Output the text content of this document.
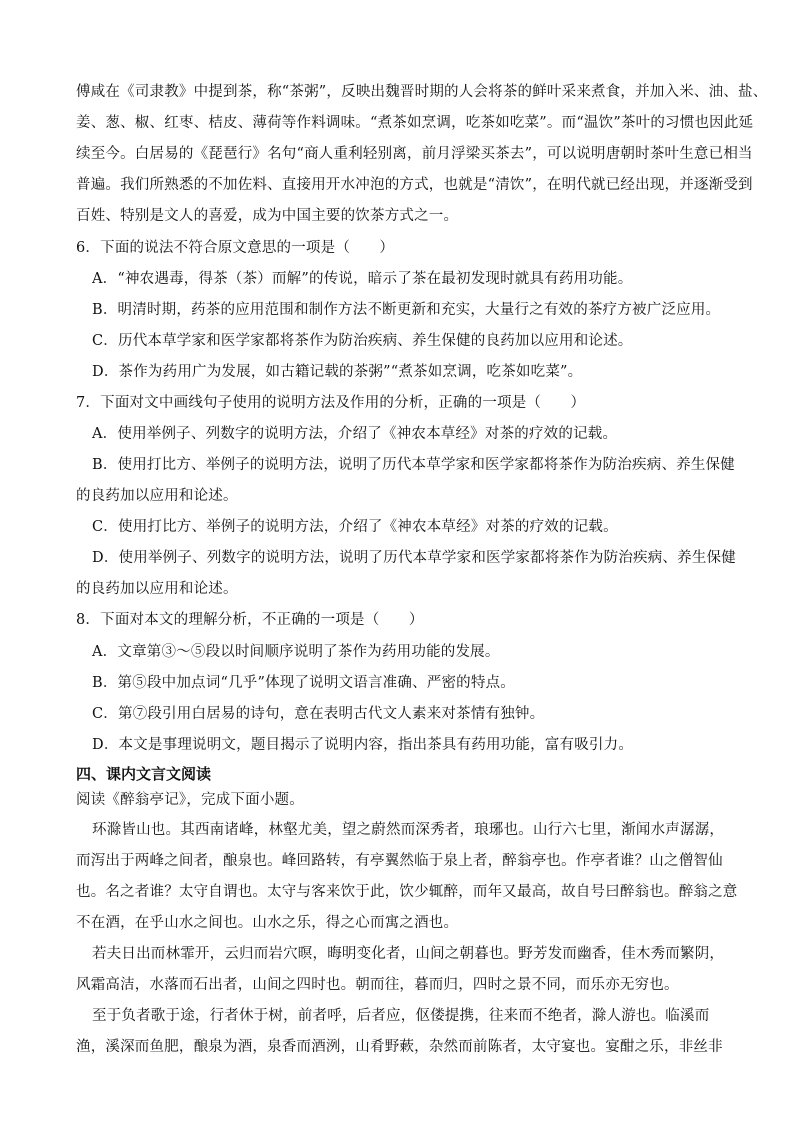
傅咸在《司隶教》中提到茶，称“茶粥”，反映出魏晋时期的人会将茶的鲜叶采来煮食，并加入米、油、盐、
姜、葱、椒、红枣、桔皮、薄荷等作料调味。“煮茶如烹调，吃茶如吃菜”。而“温饮”茶叶的习惯也因此延
续至今。白居易的《琵琶行》名句“商人重利轻别离，前月浮梁买茶去”，可以说明唐朝时茶叶生意已相当
普遍。我们所熟悉的不加佐料、直接用开水冲泡的方式，也就是“清饮”，在明代就已经出现，并逐渐受到
百姓、特别是文人的喜爱，成为中国主要的饮茶方式之一。
6．下面的说法不符合原文意思的一项是（　　）
A．“神农遇毒，得茶（茶）而解”的传说，暗示了茶在最初发现时就具有药用功能。
B．明清时期，药茶的应用范围和制作方法不断更新和充实，大量行之有效的茶疗方被广泛应用。
C．历代本草学家和医学家都将茶作为防治疾病、养生保健的良药加以应用和论述。
D．茶作为药用广为发展，如古籍记载的茶粥”“煮茶如烹调，吃茶如吃菜”。
7．下面对文中画线句子使用的说明方法及作用的分析，正确的一项是（　　）
A．使用举例子、列数字的说明方法，介绍了《神农本草经》对茶的疗效的记载。
B．使用打比方、举例子的说明方法，说明了历代本草学家和医学家都将茶作为防治疾病、养生保健
的良药加以应用和论述。
C．使用打比方、举例子的说明方法，介绍了《神农本草经》对茶的疗效的记载。
D．使用举例子、列数字的说明方法，说明了历代本草学家和医学家都将茶作为防治疾病、养生保健
的良药加以应用和论述。
8．下面对本文的理解分析，不正确的一项是（　　）
A．文章第③～⑤段以时间顺序说明了茶作为药用功能的发展。
B．第⑤段中加点词“几乎”体现了说明文语言准确、严密的特点。
C．第⑦段引用白居易的诗句，意在表明古代文人素来对茶情有独钟。
D．本文是事理说明文，题目揭示了说明内容，指出茶具有药用功能，富有吸引力。
四、课内文言文阅读
阅读《醉翁亭记》，完成下面小题。
环滁皆山也。其西南诸峰，林壑尤美，望之蔚然而深秀者，琅琊也。山行六七里，渐闻水声潺潺，
而泻出于两峰之间者，酿泉也。峰回路转，有亭翼然临于泉上者，醉翁亭也。作亭者谁？山之僧智仙
也。名之者谁？太守自谓也。太守与客来饮于此，饮少辄醉，而年又最高，故自号曰醉翁也。醉翁之意
不在酒，在乎山水之间也。山水之乐，得之心而寓之酒也。
若夫日出而林霏开，云归而岩穴暝，晦明变化者，山间之朝暮也。野芳发而幽香，佳木秀而繁阴，
风霜高洁，水落而石出者，山间之四时也。朝而往，暮而归，四时之景不同，而乐亦无穷也。
至于负者歌于途，行者休于树，前者呼，后者应，伛偻提携，往来而不绝者，滁人游也。临溪而
渔，溪深而鱼肥，酿泉为酒，泉香而酒洌，山肴野蔌，杂然而前陈者，太守宴也。宴酣之乐，非丝非
